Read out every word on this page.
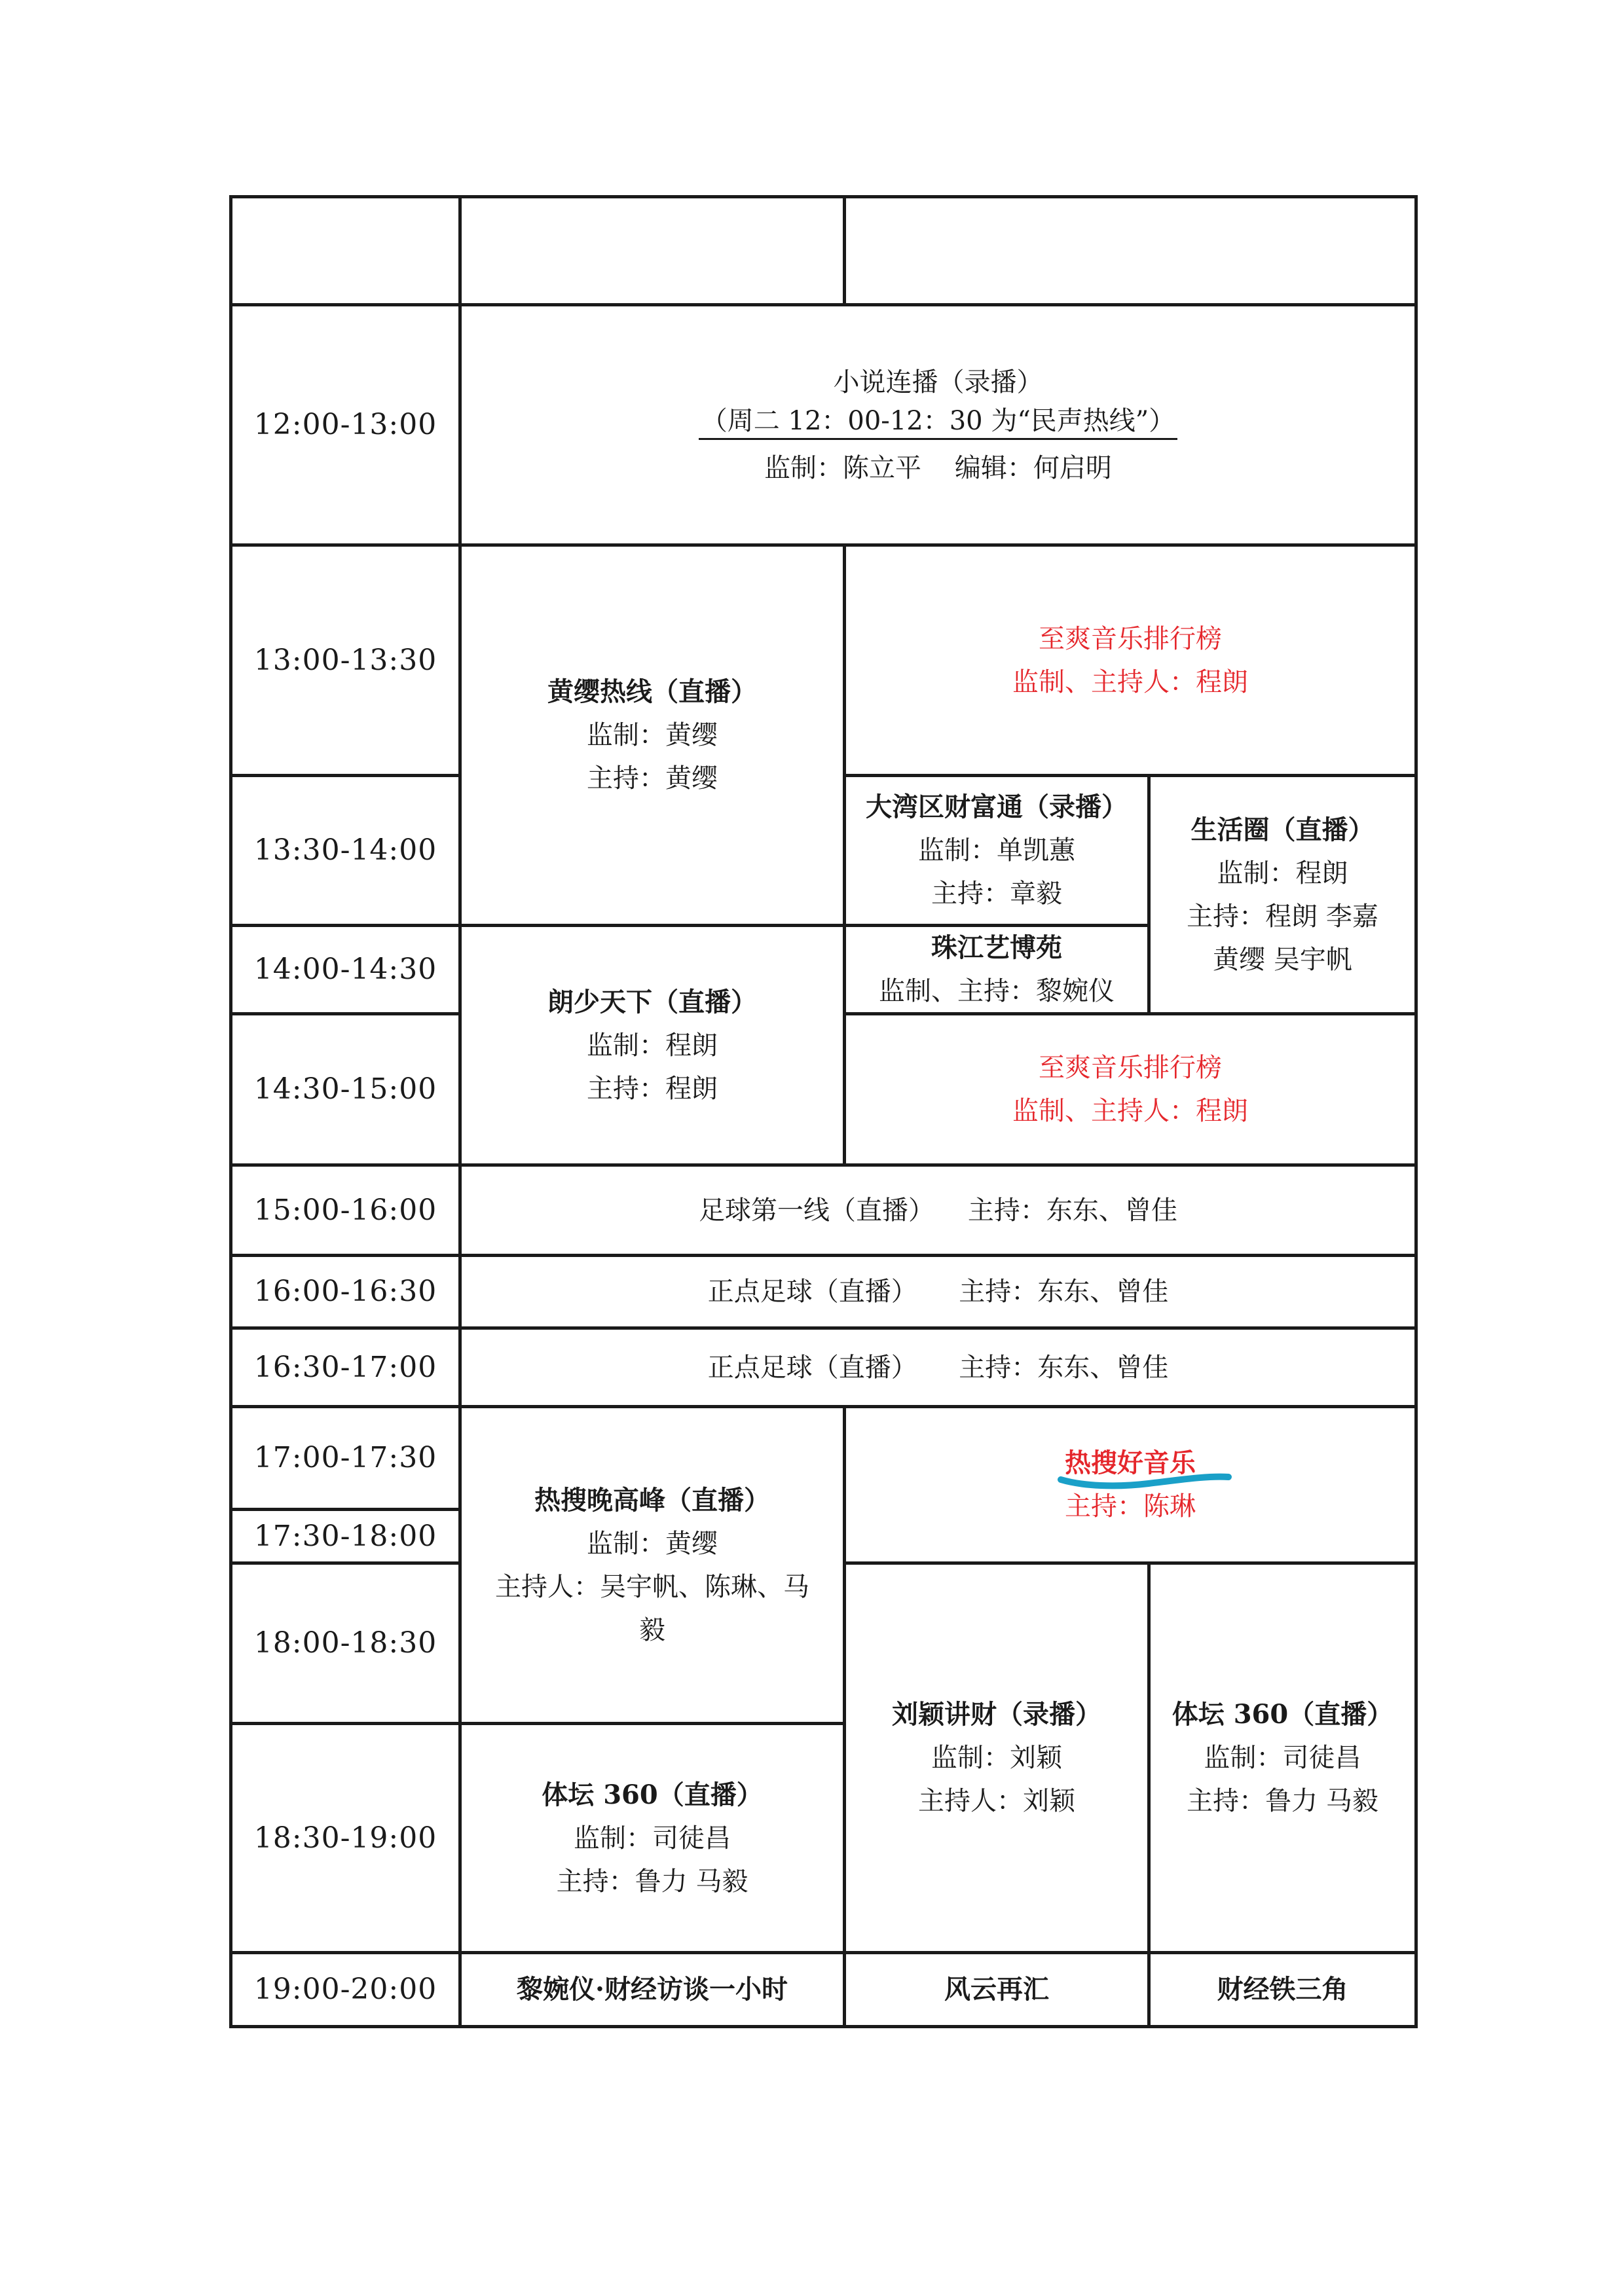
12:00-13:00
13:00-13:30
13:30-14:00
14:00-14:30
14:30-15:00
15:00-16:00
16:00-16:30
16:30-17:00
17:00-17:30
17:30-18:00
18:00-18:30
18:30-19:00
19:00-20:00
小说连播（录播）
（周二 12：00-12：30 为“民声热线”）
监制：陈立平    编辑：何启明
黄缨热线（直播）
监制：黄缨
主持：黄缨
至爽音乐排行榜
监制、主持人：程朗
大湾区财富通（录播）
监制：单凯蕙
主持：章毅
生活圈（直播）
监制：程朗
主持：程朗 李嘉
黄缨 吴宇帆
朗少天下（直播）
监制：程朗
主持：程朗
珠江艺博苑
监制、主持：黎婉仪
至爽音乐排行榜
监制、主持人：程朗
足球第一线（直播） 主持：东东、曾佳
正点足球（直播） 主持：东东、曾佳
正点足球（直播） 主持：东东、曾佳
热搜晚高峰（直播）
监制：黄缨
主持人：吴宇帆、陈琳、马
毅
热搜好音乐
主持：陈琳
刘颖讲财（录播）
监制：刘颖
主持人：刘颖
体坛 360（直播）
监制：司徒昌
主持：鲁力 马毅
体坛 360（直播）
监制：司徒昌
主持：鲁力 马毅
黎婉仪·财经访谈一小时	风云再汇	财经铁三角
